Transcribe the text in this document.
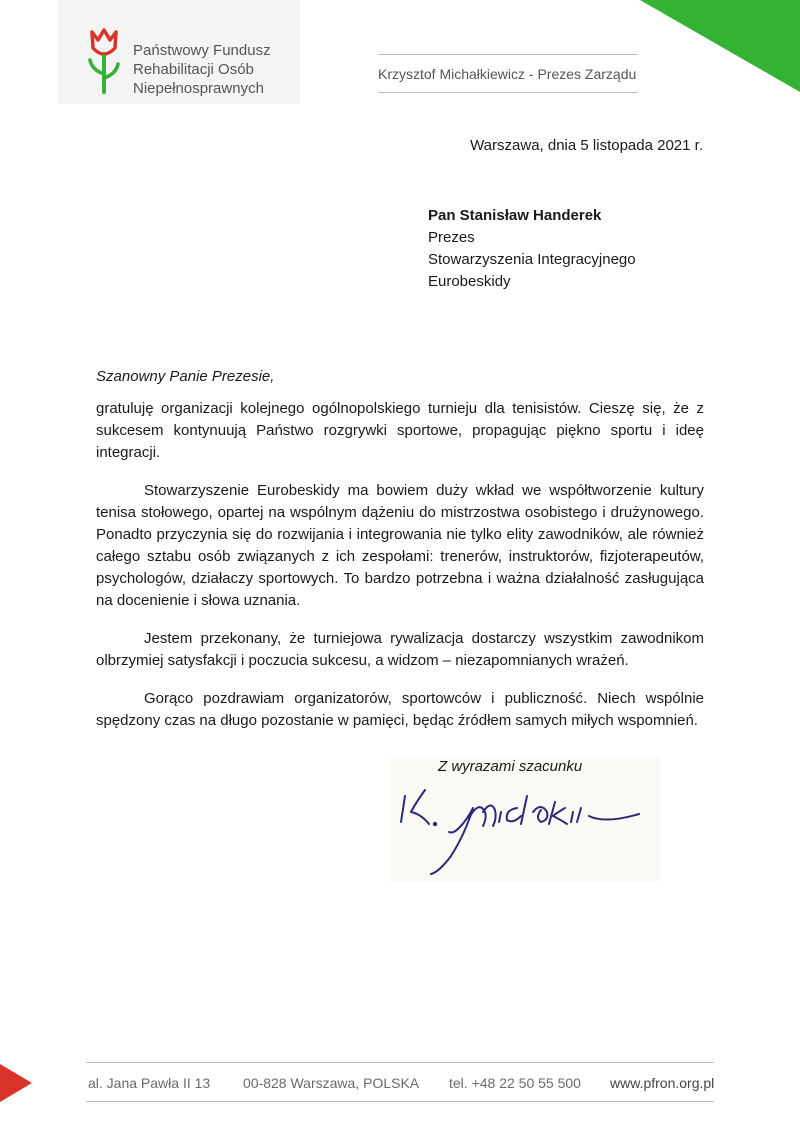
Państwowy Fundusz
Rehabilitacji Osób
Niepełnosprawnych
Krzysztof Michałkiewicz - Prezes Zarządu
Warszawa, dnia 5 listopada 2021 r.
Pan Stanisław Handerek
Prezes
Stowarzyszenia Integracyjnego
Eurobeskidy
Szanowny Panie Prezesie,

gratuluję organizacji kolejnego ogólnopolskiego turnieju dla tenisistów. Cieszę się, że z sukcesem kontynuują Państwo rozgrywki sportowe, propagując piękno sportu i ideę integracji.

Stowarzyszenie Eurobeskidy ma bowiem duży wkład we współtworzenie kultury tenisa stołowego, opartej na wspólnym dążeniu do mistrzostwa osobistego i drużynowego. Ponadto przyczynia się do rozwijania i integrowania nie tylko elity zawodników, ale również całego sztabu osób związanych z ich zespołami: trenerów, instruktorów, fizjoterapeutów, psychologów, działaczy sportowych. To bardzo potrzebna i ważna działalność zasługująca na docenienie i słowa uznania.

Jestem przekonany, że turniejowa rywalizacja dostarczy wszystkim zawodnikom olbrzymiej satysfakcji i poczucia sukcesu, a widzom – niezapomnianych wrażeń.

Gorąco pozdrawiam organizatorów, sportowców i publiczność. Niech wspólnie spędzony czas na długo pozostanie w pamięci, będąc źródłem samych miłych wspomnień.

Z wyrazami szacunku
al. Jana Pawła II 13 00-828 Warszawa, POLSKA tel. +48 22 50 55 500 www.pfron.org.pl
